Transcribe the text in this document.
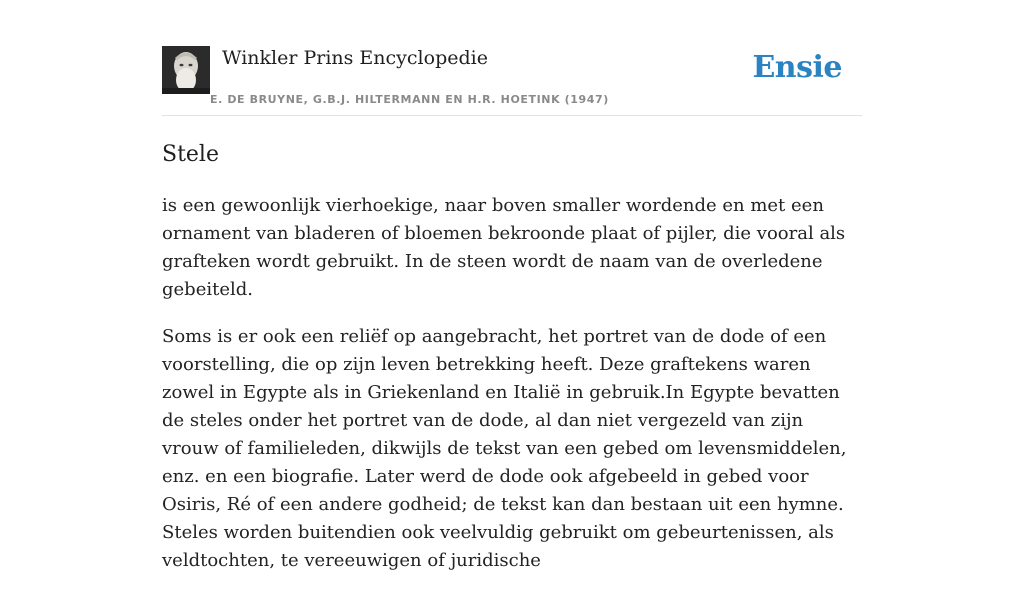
Winkler Prins Encyclopedie
E. DE BRUYNE, G.B.J. HILTERMANN EN H.R. HOETINK (1947)
Ensie
Stele

is een gewoonlijk vierhoekige, naar boven smaller wordende en met een ornament van bladeren of bloemen bekroonde plaat of pijler, die vooral als grafteken wordt gebruikt. In de steen wordt de naam van de overledene gebeiteld.

Soms is er ook een reliëf op aangebracht, het portret van de dode of een voorstelling, die op zijn leven betrekking heeft. Deze graftekens waren zowel in Egypte als in Griekenland en Italië in gebruik.In Egypte bevatten de steles onder het portret van de dode, al dan niet vergezeld van zijn vrouw of familieleden, dikwijls de tekst van een gebed om levensmiddelen, enz. en een biografie. Later werd de dode ook afgebeeld in gebed voor Osiris, Ré of een andere godheid; de tekst kan dan bestaan uit een hymne. Steles worden buitendien ook veelvuldig gebruikt om gebeurtenissen, als veldtochten, te vereeuwigen of juridische
